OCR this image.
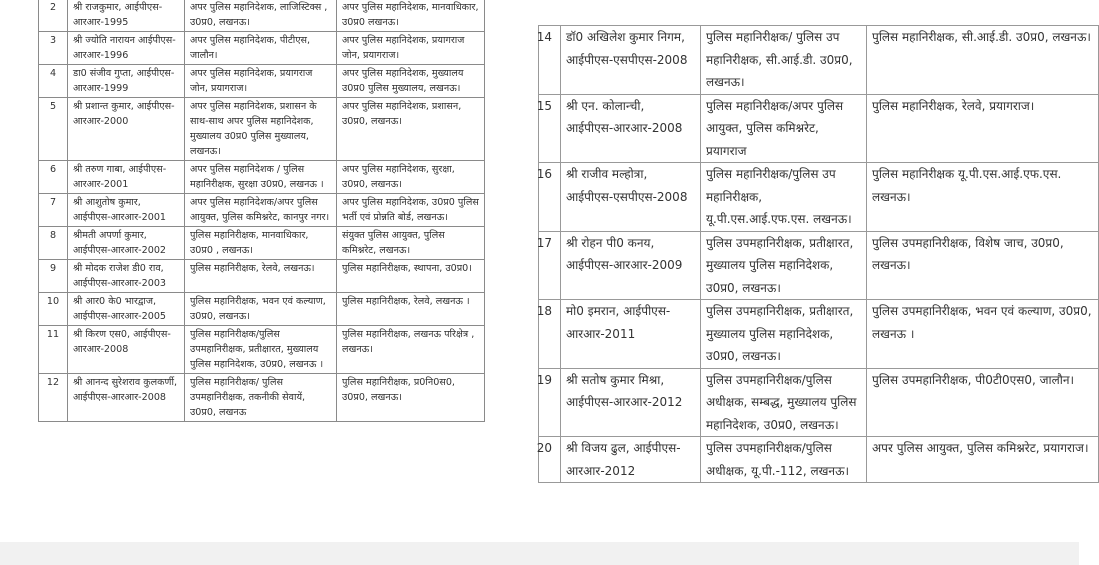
2	श्री राजकुमार, आईपीएस-आरआर-1995	अपर पुलिस महानिदेशक, लाजिस्टिक्स , उ0प्र0, लखनऊ।	अपर पुलिस महानिदेशक, मानवाधिकार, उ0प्र0 लखनऊ।
3	श्री ज्योति नारायन आईपीएस-आरआर-1996	अपर पुलिस महानिदेशक, पीटीएस, जालौन।	अपर पुलिस महानिदेशक, प्रयागराज जोन, प्रयागराज।
4	डा0 संजीव गुप्ता, आईपीएस-आरआर-1999	अपर पुलिस महानिदेशक, प्रयागराज जोन, प्रयागराज।	अपर पुलिस महानिदेशक, मुख्यालय उ0प्र0 पुलिस मुख्यालय, लखनऊ।
5	श्री प्रशान्त कुमार, आईपीएस-आरआर-2000	अपर पुलिस महानिदेशक, प्रशासन के साथ-साथ अपर पुलिस महानिदेशक, मुख्यालय उ0प्र0 पुलिस मुख्यालय, लखनऊ।	अपर पुलिस महानिदेशक, प्रशासन, उ0प्र0, लखनऊ।
6	श्री तरुण गाबा, आईपीएस-आरआर-2001	अपर पुलिस महानिदेशक / पुलिस महानिरीक्षक, सुरक्षा उ0प्र0, लखनऊ ।	अपर पुलिस महानिदेशक, सुरक्षा, उ0प्र0, लखनऊ।
7	श्री आशुतोष कुमार, आईपीएस-आरआर-2001	अपर पुलिस महानिदेशक/अपर पुलिस आयुक्त, पुलिस कमिश्नरेट, कानपुर नगर।	अपर पुलिस महानिदेशक, उ0प्र0 पुलिस भर्ती एवं प्रोन्नति बोर्ड, लखनऊ।
8	श्रीमती अपर्णा कुमार, आईपीएस-आरआर-2002	पुलिस महानिरीक्षक, मानवाधिकार, उ0प्र0 , लखनऊ।	संयुक्त पुलिस आयुक्त, पुलिस कमिश्नरेट, लखनऊ।
9	श्री मोदक राजेश डी0 राव, आईपीएस-आरआर-2003	पुलिस महानिरीक्षक, रेलवे, लखनऊ।	पुलिस महानिरीक्षक, स्थापना, उ0प्र0।
10	श्री आर0 के0 भारद्वाज, आईपीएस-आरआर-2005	पुलिस महानिरीक्षक, भवन एवं कल्याण, उ0प्र0, लखनऊ।	पुलिस महानिरीक्षक, रेलवे, लखनऊ ।
11	श्री किरण एस0, आईपीएस-आरआर-2008	पुलिस महानिरीक्षक/पुलिस उपमहानिरीक्षक, प्रतीक्षारत, मुख्यालय पुलिस महानिदेशक, उ0प्र0, लखनऊ ।	पुलिस महानिरीक्षक, लखनऊ परिक्षेत्र , लखनऊ।
12	श्री आनन्द सुरेशराव कुलकर्णी, आईपीएस-आरआर-2008	पुलिस महानिरीक्षक/ पुलिस उपमहानिरीक्षक, तकनीकी सेवायें, उ0प्र0, लखनऊ	पुलिस महानिरीक्षक, प्र0नि0स0, उ0प्र0, लखनऊ।
14	डॉ0 अखिलेश कुमार निगम, आईपीएस-एसपीएस-2008	पुलिस महानिरीक्षक/ पुलिस उप महानिरीक्षक, सी.आई.डी. उ0प्र0, लखनऊ।	पुलिस महानिरीक्षक, सी.आई.डी. उ0प्र0, लखनऊ।

15	श्री एन. कोलान्ची, आईपीएस-आरआर-2008	पुलिस महानिरीक्षक/अपर पुलिस आयुक्त, पुलिस कमिश्नरेट, प्रयागराज	पुलिस महानिरीक्षक, रेलवे, प्रयागराज।

16	श्री राजीव मल्होत्रा, आईपीएस-एसपीएस-2008	पुलिस महानिरीक्षक/पुलिस उप महानिरीक्षक, यू.पी.एस.आई.एफ.एस. लखनऊ।	पुलिस महानिरीक्षक यू.पी.एस.आई.एफ.एस. लखनऊ।

17	श्री रोहन पी0 कनय, आईपीएस-आरआर-2009	पुलिस उपमहानिरीक्षक, प्रतीक्षारत, मुख्यालय पुलिस महानिदेशक, उ0प्र0, लखनऊ।	पुलिस उपमहानिरीक्षक, विशेष जाच, उ0प्र0, लखनऊ।

18	मो0 इमरान, आईपीएस-आरआर-2011	पुलिस उपमहानिरीक्षक, प्रतीक्षारत, मुख्यालय पुलिस महानिदेशक, उ0प्र0, लखनऊ।	पुलिस उपमहानिरीक्षक, भवन एवं कल्याण, उ0प्र0, लखनऊ ।

19	श्री सतोष कुमार मिश्रा, आईपीएस-आरआर-2012	पुलिस उपमहानिरीक्षक/पुलिस अधीक्षक, सम्बद्ध, मुख्यालय पुलिस महानिदेशक, उ0प्र0, लखनऊ।	पुलिस उपमहानिरीक्षक, पी0टी0एस0, जालौन।

20	श्री विजय ढुल, आईपीएस-आरआर-2012	पुलिस उपमहानिरीक्षक/पुलिस अधीक्षक, यू.पी.-112, लखनऊ।	अपर पुलिस आयुक्त, पुलिस कमिश्नरेट, प्रयागराज।
